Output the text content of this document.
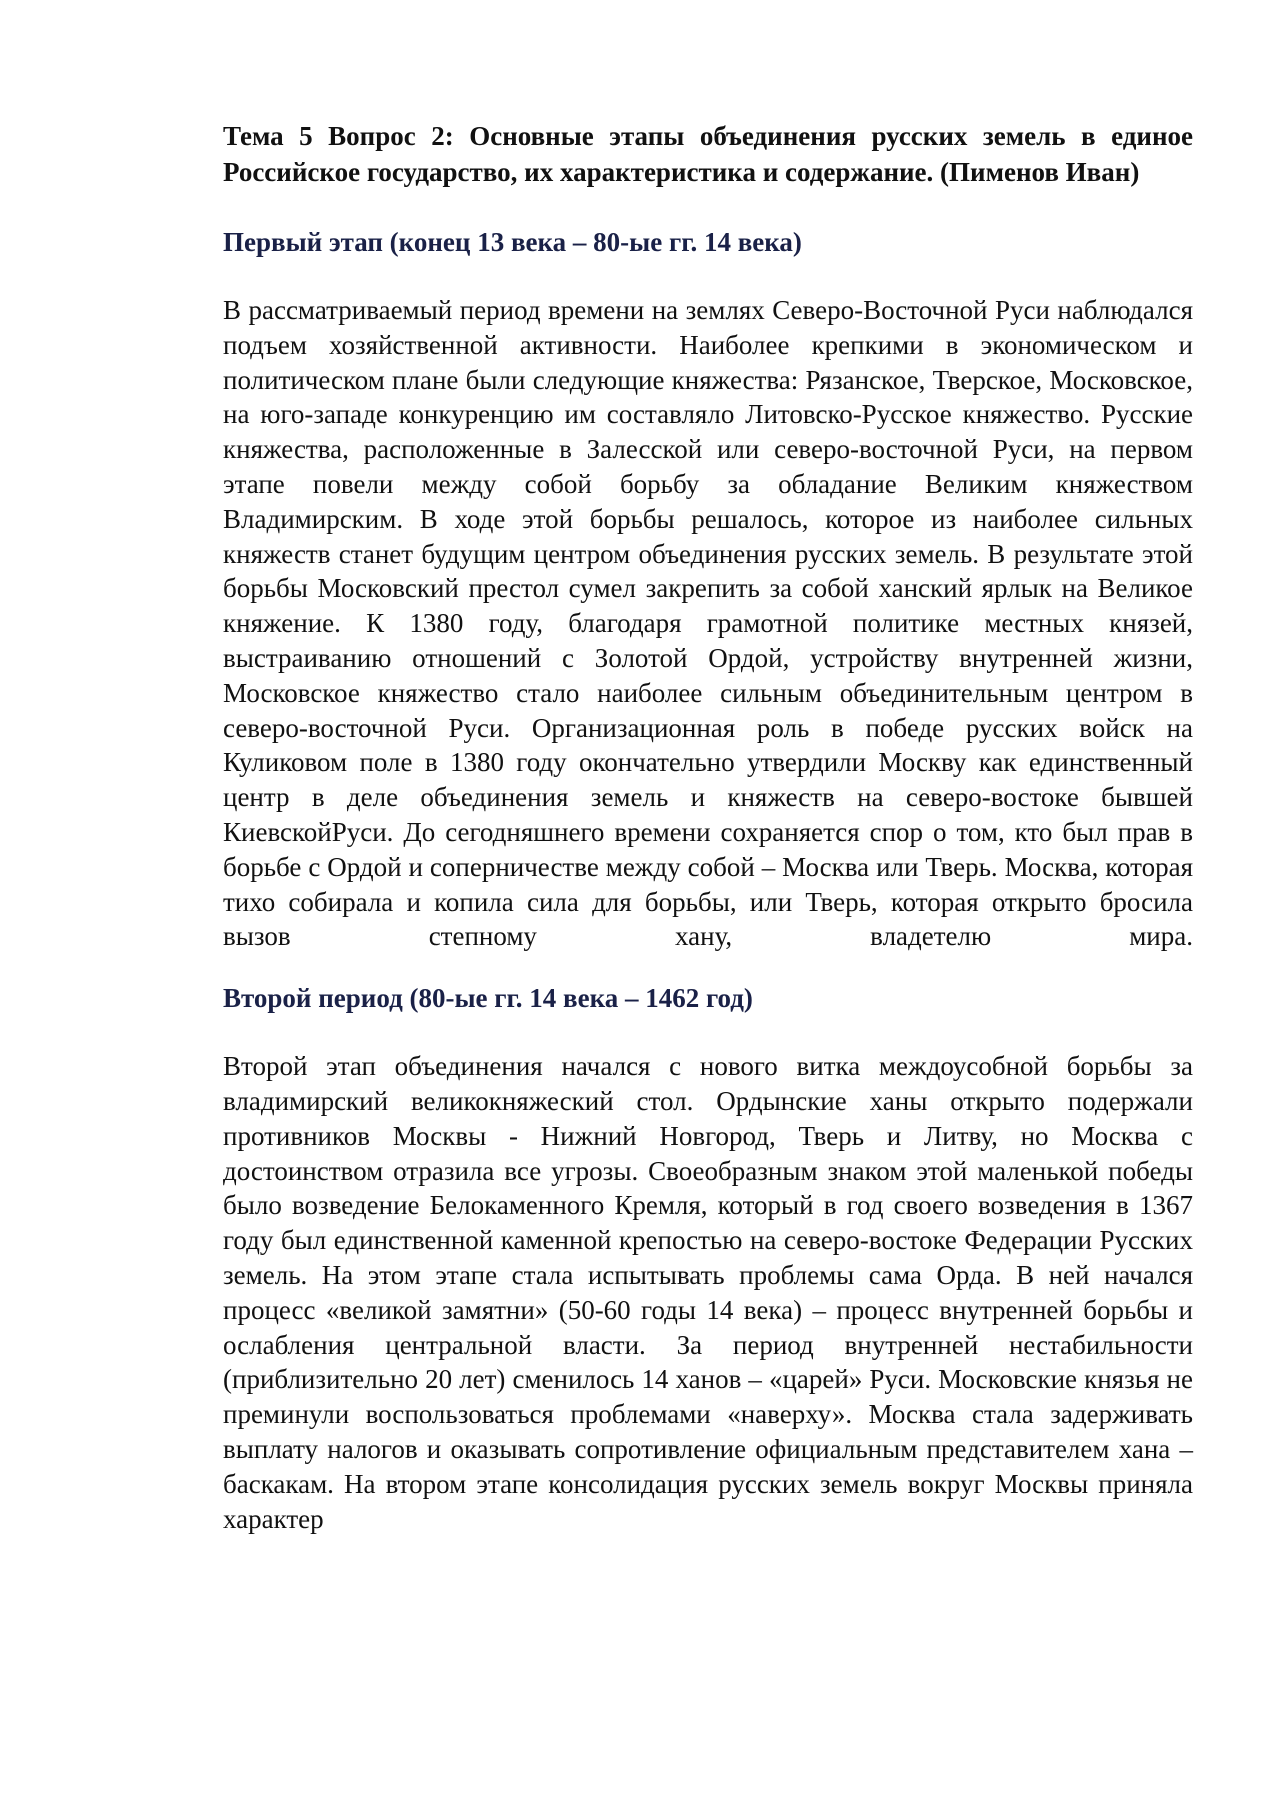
Тема 5 Вопрос 2: Основные этапы объединения русских земель в единое Российское государство, их характеристика и содержание. (Пименов Иван)

Первый этап (конец 13 века – 80-ые гг. 14 века)

В рассматриваемый период времени на землях Северо-Восточной Руси наблюдался подъем хозяйственной активности. Наиболее крепкими в экономическом и политическом плане были следующие княжества: Рязанское, Тверское, Московское, на юго-западе конкуренцию им составляло Литовско-Русское княжество. Русские княжества, расположенные в Залесской или северо-восточной Руси, на первом этапе повели между собой борьбу за обладание Великим княжеством Владимирским. В ходе этой борьбы решалось, которое из наиболее сильных княжеств станет будущим центром объединения русских земель. В результате этой борьбы Московский престол сумел закрепить за собой ханский ярлык на Великое княжение. К 1380 году, благодаря грамотной политике местных князей, выстраиванию отношений с Золотой Ордой, устройству внутренней жизни, Московское княжество стало наиболее сильным объединительным центром в северо-восточной Руси. Организационная роль в победе русских войск на Куликовом поле в 1380 году окончательно утвердили Москву как единственный центр в деле объединения земель и княжеств на северо-востоке бывшей КиевскойРуси. До сегодняшнего времени сохраняется спор о том, кто был прав в борьбе с Ордой и соперничестве между собой – Москва или Тверь. Москва, которая тихо собирала и копила сила для борьбы, или Тверь, которая открыто бросила вызов степному хану, владетелю мира.

Второй период (80-ые гг. 14 века – 1462 год)

Второй этап объединения начался с нового витка междоусобной борьбы за владимирский великокняжеский стол. Ордынские ханы открыто подержали противников Москвы - Нижний Новгород, Тверь и Литву, но Москва с достоинством отразила все угрозы. Своеобразным знаком этой маленькой победы было возведение Белокаменного Кремля, который в год своего возведения в 1367 году был единственной каменной крепостью на северо-востоке Федерации Русских земель. На этом этапе стала испытывать проблемы сама Орда. В ней начался процесс «великой замятни» (50-60 годы 14 века) – процесс внутренней борьбы и ослабления центральной власти. За период внутренней нестабильности (приблизительно 20 лет) сменилось 14 ханов – «царей» Руси. Московские князья не преминули воспользоваться проблемами «наверху». Москва стала задерживать выплату налогов и оказывать сопротивление официальным представителем хана – баскакам. На втором этапе консолидация русских земель вокруг Москвы приняла характер
